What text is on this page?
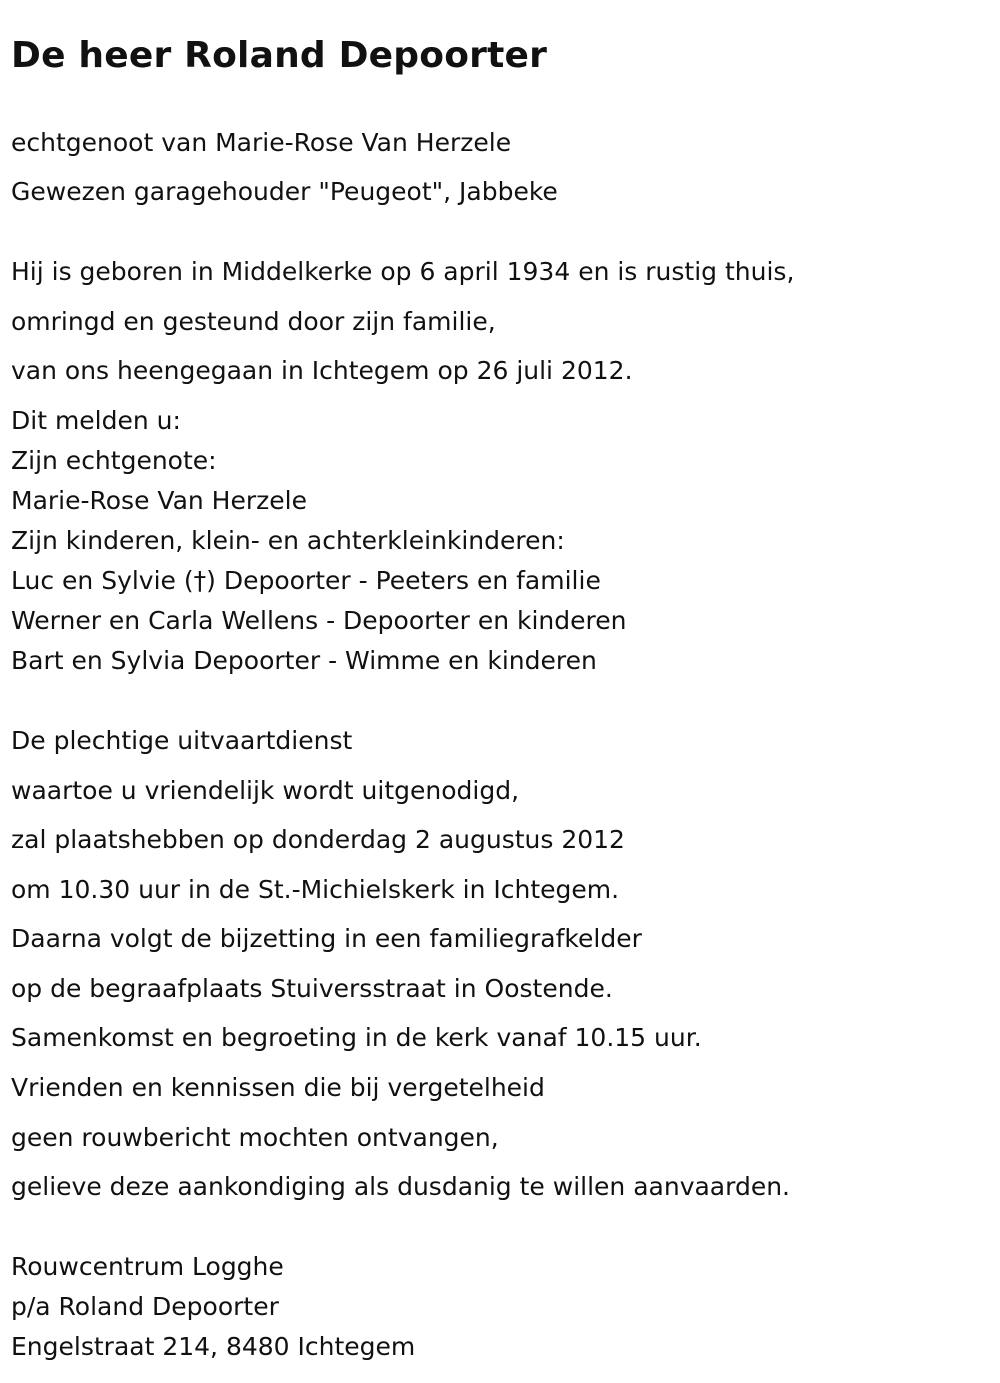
De heer Roland Depoorter
echtgenoot van Marie-Rose Van Herzele
Gewezen garagehouder "Peugeot", Jabbeke
Hij is geboren in Middelkerke op 6 april 1934 en is rustig thuis,
omringd en gesteund door zijn familie,
van ons heengegaan in Ichtegem op 26 juli 2012.
Dit melden u:
Zijn echtgenote:
Marie-Rose Van Herzele
Zijn kinderen, klein- en achterkleinkinderen:
Luc en Sylvie (†) Depoorter - Peeters en familie
Werner en Carla Wellens - Depoorter en kinderen
Bart en Sylvia Depoorter - Wimme en kinderen
De plechtige uitvaartdienst
waartoe u vriendelijk wordt uitgenodigd,
zal plaatshebben op donderdag 2 augustus 2012
om 10.30 uur in de St.-Michielskerk in Ichtegem.
Daarna volgt de bijzetting in een familiegrafkelder
op de begraafplaats Stuiversstraat in Oostende.
Samenkomst en begroeting in de kerk vanaf 10.15 uur.
Vrienden en kennissen die bij vergetelheid
geen rouwbericht mochten ontvangen,
gelieve deze aankondiging als dusdanig te willen aanvaarden.
Rouwcentrum Logghe
p/a Roland Depoorter
Engelstraat 214, 8480 Ichtegem
